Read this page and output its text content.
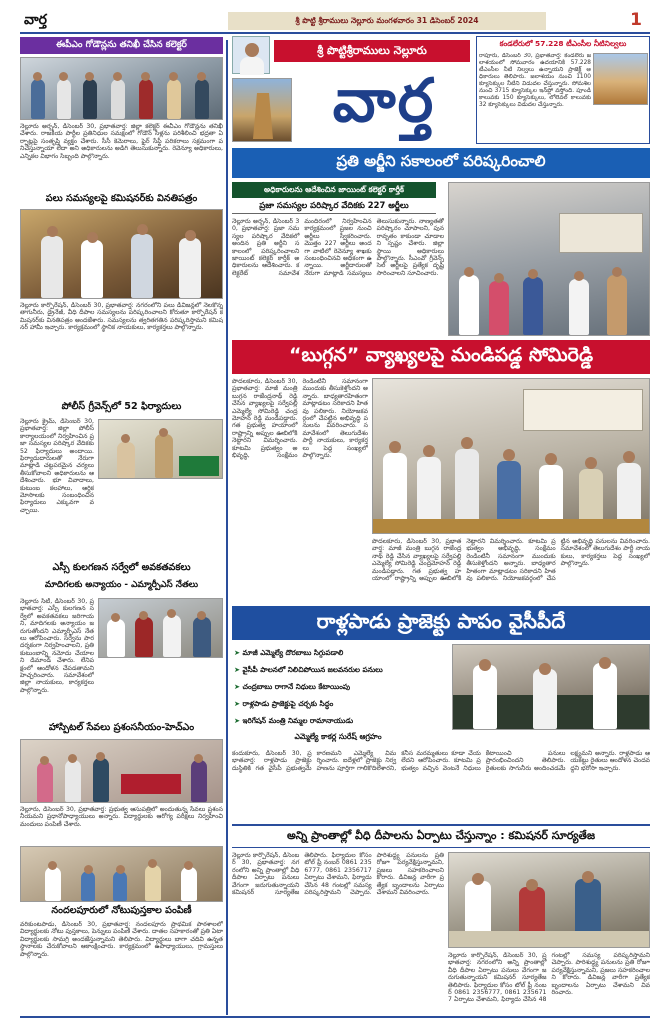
వార్త	శ్రీ పొట్టి శ్రీరాములు నెల్లూరు మంగళవారం 31 డిసెంబర్ 2024	1
ఈపీఎం గోడౌన్లను తనిఖీ చేసిన కలెక్టర్
నెల్లూరు అర్బన్, డిసెంబర్ 30, ప్రభాతవార్త: జిల్లా కలెక్టర్ ఈవీఎం గోడౌన్లను తనిఖీ చేశారు. రాజకీయ పార్టీల ప్రతినిధుల సమక్షంలో గోడౌన్ సీళ్లను పరిశీలించి భద్రతా ఏర్పాట్లపై సంతృప్తి వ్యక్తం చేశారు. సీసీ కెమెరాలు, ఫైర్ సేఫ్టీ పరికరాలు సక్రమంగా పనిచేస్తున్నాయా లేదా అని అధికారులను అడిగి తెలుసుకున్నారు. రెవెన్యూ అధికారులు, ఎన్నికల విభాగం సిబ్బంది పాల్గొన్నారు.
పలు సమస్యలపై కమిషనర్‌కు వినతిపత్రం
నెల్లూరు కార్పొరేషన్, డిసెంబర్ 30, ప్రభాతవార్త: నగరంలోని పలు డివిజన్లలో నెలకొన్న తాగునీరు, డ్రైనేజీ, వీధి దీపాల సమస్యలను పరిష్కరించాలని కోరుతూ కార్పొరేషన్ కమిషనర్‌కు వినతిపత్రం అందజేశారు. సమస్యలను త్వరితగతిన పరిష్కరిస్తామని కమిషనర్ హామీ ఇచ్చారు. కార్యక్రమంలో స్థానిక నాయకులు, కార్యకర్తలు పాల్గొన్నారు.
పోలీస్ గ్రీవెన్స్‌లో 52 ఫిర్యాదులు
నెల్లూరు క్రైమ్, డిసెంబర్ 30, ప్రభాతవార్త: జిల్లా పోలీస్ కార్యాలయంలో నిర్వహించిన ప్రజా సమస్యల పరిష్కార వేదికకు 52 ఫిర్యాదులు అందాయి. ఫిర్యాదుదారులతో నేరుగా మాట్లాడి చట్టపరమైన చర్యలు తీసుకోవాలని అధికారులను ఆదేశించారు. భూ వివాదాలు, కుటుంబ కలహాలు, ఆర్థిక మోసాలకు సంబంధించిన ఫిర్యాదులు ఎక్కువగా వచ్చాయి.
ఎస్సీ కులగణన సర్వేలో అవకతవకలు
మాదిగలకు అన్యాయం - ఎమ్మార్పీఎస్ నేతలు
నెల్లూరు సిటీ, డిసెంబర్ 30, ప్రభాతవార్త: ఎస్సీ కులగణన సర్వేలో అవకతవకలు జరిగాయని, మాదిగలకు అన్యాయం జరుగుతోందని ఎమ్మార్పీఎస్ నేతలు ఆరోపించారు. సర్వేను పారదర్శకంగా నిర్వహించాలని, ప్రతి కుటుంబాన్ని నమోదు చేయాలని డిమాండ్ చేశారు. లేనిపక్షంలో ఆందోళన చేపడతామని హెచ్చరించారు. సమావేశంలో జిల్లా నాయకులు, కార్యకర్తలు పాల్గొన్నారు.
హాస్పిటల్ సేవలు ప్రశంసనీయం-హెచ్‌ఎం
నెల్లూరు, డిసెంబర్ 30, ప్రభాతవార్త: ప్రభుత్వ ఆసుపత్రిలో అందుతున్న సేవలు ప్రశంసనీయమని ప్రధానోపాధ్యాయులు అన్నారు. విద్యార్థులకు ఆరోగ్య పరీక్షలు నిర్వహించి మందులు పంపిణీ చేశారు.
నందలపూరులో నోటుపుస్తకాల పంపిణీ
వరికుంటపాడు, డిసెంబర్ 30, ప్రభాతవార్త: నందలపూరు ప్రాథమిక పాఠశాలలో విద్యార్థులకు నోటు పుస్తకాలు, పెన్నులు పంపిణీ చేశారు. దాతల సహకారంతో ప్రతి ఏటా విద్యార్థులకు సామగ్రి అందజేస్తున్నామని తెలిపారు. విద్యార్థులు బాగా చదివి ఉన్నత స్థానాలకు చేరుకోవాలని ఆకాంక్షించారు. కార్యక్రమంలో ఉపాధ్యాయులు, గ్రామస్తులు పాల్గొన్నారు.
శ్రీ పొట్టిశ్రీరాములు నెల్లూరు
వార్త
కండలేరులో 57.228 టీఎంసీల నీటినిల్వలు
రాపూరు, డిసెంబర్ 30, ప్రభాతవార్త: కండలేరు జలాశయంలో సోమవారం ఉదయానికి 57.228 టీఎంసీల నీటి నిల్వలు ఉన్నాయని ప్రాజెక్ట్ అధికారులు తెలిపారు. జలాశయం నుంచి 1100 క్యూసెక్కుల నీటిని విడుదల చేస్తున్నారు. సోమశిల నుంచి 3715 క్యూసెక్కుల ఇన్‌ఫ్లో వస్తోంది. పూండి కాలువకు 150 క్యూసెక్కులు, లోలెవల్ కాలువకు 32 క్యూసెక్కులు విడుదల చేస్తున్నారు.
ప్రతి అర్జీని సకాలంలో పరిష్కరించాలి
అధికారులను ఆదేశించిన జాయింట్ కలెక్టర్ కార్తీక్
ప్రజా సమస్యల పరిష్కార వేదికకు 227 అర్జీలు
నెల్లూరు అర్బన్, డిసెంబర్ 30, ప్రభాతవార్త: ప్రజా సమస్యల పరిష్కార వేదికలో అందిన ప్రతి అర్జీని సకాలంలో పరిష్కరించాలని జాయింట్ కలెక్టర్ కార్తీక్ అధికారులను ఆదేశించారు. కలెక్టరేట్ సమావేశ మందిరంలో నిర్వహించిన కార్యక్రమంలో ప్రజల నుంచి అర్జీలు స్వీకరించారు. మొత్తం 227 అర్జీలు అందగా వాటిలో రెవెన్యూ శాఖకు సంబంధించినవి అధికంగా ఉన్నాయి. అర్జీదారులతో నేరుగా మాట్లాడి సమస్యలు తెలుసుకున్నారు. నాణ్యతతో పరిష్కారం చూపాలని, పునరావృతం కాకుండా చూడాలని స్పష్టం చేశారు. జిల్లా స్థాయి అధికారులు పాల్గొన్నారు. సీఎంవో గ్రీవెన్స్ సెల్ అర్జీలపై ప్రత్యేక దృష్టి సారించాలని సూచించారు.
“బుగ్గన” వ్యాఖ్యలపై మండిపడ్డ సోమిరెడ్డి
పొదలకూరు, డిసెంబర్ 30, ప్రభాతవార్త: మాజీ మంత్రి బుగ్గన రాజేంద్రనాథ్ రెడ్డి చేసిన వ్యాఖ్యలపై సర్వేపల్లి ఎమ్మెల్యే సోమిరెడ్డి చంద్రమోహన్ రెడ్డి మండిపడ్డారు. గత ప్రభుత్వ హయాంలో రాష్ట్రాన్ని అప్పుల ఊబిలోకి నెట్టారని విమర్శించారు. కూటమి ప్రభుత్వం అభివృద్ధి, సంక్షేమం రెండింటినీ సమానంగా ముందుకు తీసుకెళ్తోందని అన్నారు. బాధ్యతారహితంగా మాట్లాడటం సరికాదని హితవు పలికారు. నియోజకవర్గంలో చేపట్టిన అభివృద్ధి పనులను వివరించారు. సమావేశంలో తెలుగుదేశం పార్టీ నాయకులు, కార్యకర్తలు పెద్ద సంఖ్యలో పాల్గొన్నారు.
పొదలకూరు, డిసెంబర్ 30, ప్రభాతవార్త: మాజీ మంత్రి బుగ్గన రాజేంద్రనాథ్ రెడ్డి చేసిన వ్యాఖ్యలపై సర్వేపల్లి ఎమ్మెల్యే సోమిరెడ్డి చంద్రమోహన్ రెడ్డి మండిపడ్డారు. గత ప్రభుత్వ హయాంలో రాష్ట్రాన్ని అప్పుల ఊబిలోకి నెట్టారని విమర్శించారు. కూటమి ప్రభుత్వం అభివృద్ధి, సంక్షేమం రెండింటినీ సమానంగా ముందుకు తీసుకెళ్తోందని అన్నారు. బాధ్యతారహితంగా మాట్లాడటం సరికాదని హితవు పలికారు. నియోజకవర్గంలో చేపట్టిన అభివృద్ధి పనులను వివరించారు. సమావేశంలో తెలుగుదేశం పార్టీ నాయకులు, కార్యకర్తలు పెద్ద సంఖ్యలో పాల్గొన్నారు.
రాళ్లపాడు ప్రాజెక్టు పాపం వైసీపీదే
➤ మాజీ ఎమ్మెల్యే దొరబాబు సిగ్గుపడాలి
➤ వైసీపీ పాలనలో నిలిచిపోయిన జలవనరుల పనులు
➤ చంద్రబాబు రాగానే నిధులు కేటాయింపు
➤ రాళ్లపాడు ప్రాజెక్టుపై చర్చకు సిద్ధం
➤ ఇరిగేషన్ మంత్రి నిమ్మల రామానాయుడు
ఎమ్మెల్యే కాకర్ల సురేష్ ఆగ్రహం
కందుకూరు, డిసెంబర్ 30, ప్రభాతవార్త: రాళ్లపాడు ప్రాజెక్టు దుస్థితికి గత వైసీపీ ప్రభుత్వమే కారణమని ఎమ్మెల్యే విమర్శించారు. ఐదేళ్లలో ప్రాజెక్టు నిర్వహణను పూర్తిగా గాలికొదిలేశారని, కనీస మరమ్మతులు కూడా చేయలేదని ఆరోపించారు. కూటమి ప్రభుత్వం వచ్చిన వెంటనే నిధులు కేటాయించి పనులు ప్రారంభించిందని తెలిపారు. రైతులకు సాగునీరు అందించడమే లక్ష్యమని అన్నారు. రాళ్లపాడు ఆయకట్టు రైతులు ఆందోళన చెందవద్దని భరోసా ఇచ్చారు.
అన్ని ప్రాంతాల్లో వీధి దీపాలను ఏర్పాటు చేస్తున్నాం : కమిషనర్ సూర్యతేజ
నెల్లూరు కార్పొరేషన్, డిసెంబర్ 30, ప్రభాతవార్త: నగరంలోని అన్ని ప్రాంతాల్లో వీధి దీపాల ఏర్పాటు పనులు వేగంగా జరుగుతున్నాయని కమిషనర్ సూర్యతేజ తెలిపారు. ఫిర్యాదుల కోసం టోల్ ఫ్రీ నంబర్ 0861 2356777, 0861 2356717 ఏర్పాటు చేశామని, ఫిర్యాదు చేసిన 48 గంటల్లో సమస్య పరిష్కరిస్తామని చెప్పారు. పారిశుద్ధ్య పనులను ప్రతి రోజూ పర్యవేక్షిస్తున్నామని, ప్రజలు సహకరించాలని కోరారు. డివిజన్ల వారీగా ప్రత్యేక బృందాలను ఏర్పాటు చేశామని వివరించారు.
నెల్లూరు కార్పొరేషన్, డిసెంబర్ 30, ప్రభాతవార్త: నగరంలోని అన్ని ప్రాంతాల్లో వీధి దీపాల ఏర్పాటు పనులు వేగంగా జరుగుతున్నాయని కమిషనర్ సూర్యతేజ తెలిపారు. ఫిర్యాదుల కోసం టోల్ ఫ్రీ నంబర్ 0861 2356777, 0861 2356717 ఏర్పాటు చేశామని, ఫిర్యాదు చేసిన 48 గంటల్లో సమస్య పరిష్కరిస్తామని చెప్పారు. పారిశుద్ధ్య పనులను ప్రతి రోజూ పర్యవేక్షిస్తున్నామని, ప్రజలు సహకరించాలని కోరారు. డివిజన్ల వారీగా ప్రత్యేక బృందాలను ఏర్పాటు చేశామని వివరించారు.
